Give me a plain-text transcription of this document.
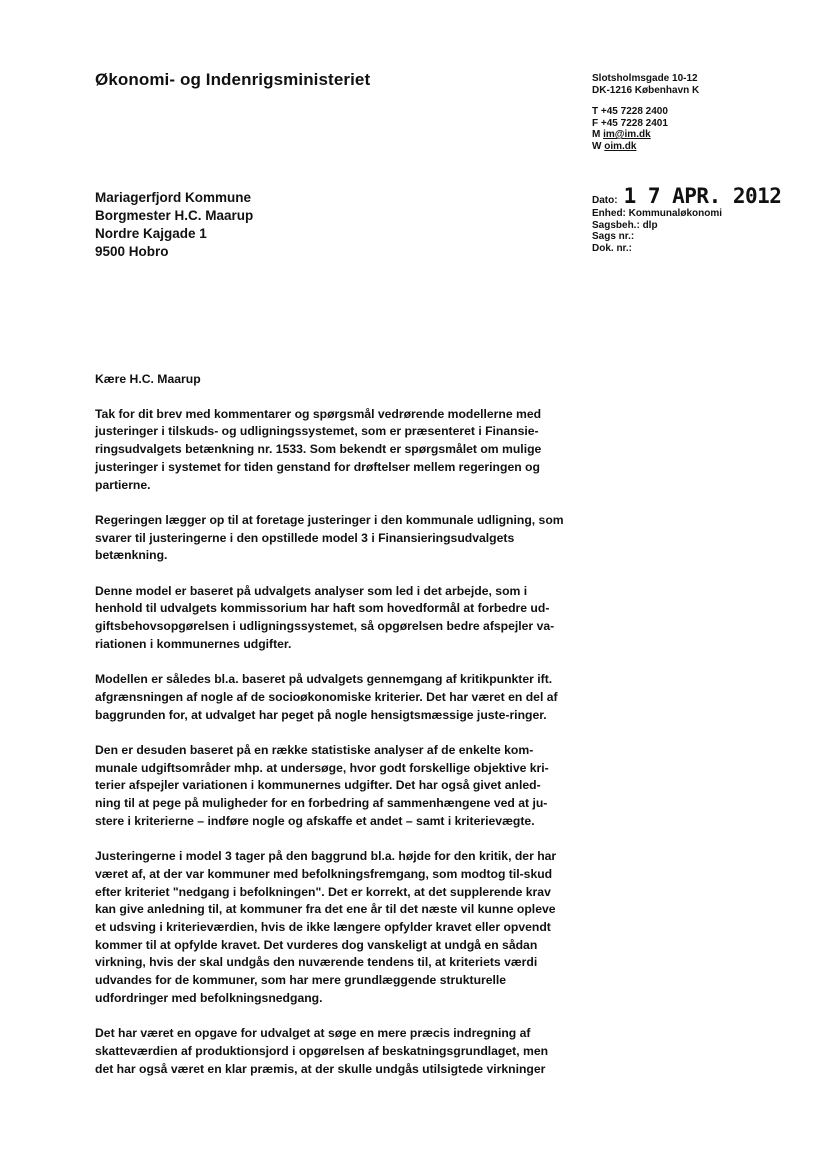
Økonomi- og Indenrigsministeriet	Slotsholmsgade 10-12
DK-1216 København K
T +45 7228 2400
F +45 7228 2401
M im@im.dk
W oim.dk
Mariagerfjord Kommune
Borgmester H.C. Maarup
Nordre Kajgade 1
9500 Hobro
Dato: 1 7 APR. 2012
Enhed: Kommunaløkonomi
Sagsbeh.: dlp
Sags nr.:
Dok. nr.:
Kære H.C. Maarup

Tak for dit brev med kommentarer og spørgsmål vedrørende modellerne med justeringer i tilskuds- og udligningssystemet, som er præsenteret i Finansie-ringsudvalgets betænkning nr. 1533. Som bekendt er spørgsmålet om mulige justeringer i systemet for tiden genstand for drøftelser mellem regeringen og partierne.

Regeringen lægger op til at foretage justeringer i den kommunale udligning, som svarer til justeringerne i den opstillede model 3 i Finansieringsudvalgets betænkning.

Denne model er baseret på udvalgets analyser som led i det arbejde, som i henhold til udvalgets kommissorium har haft som hovedformål at forbedre ud-giftsbehovsopgørelsen i udligningssystemet, så opgørelsen bedre afspejler va-riationen i kommunernes udgifter.

Modellen er således bl.a. baseret på udvalgets gennemgang af kritikpunkter ift. afgrænsningen af nogle af de socioøkonomiske kriterier. Det har været en del af baggrunden for, at udvalget har peget på nogle hensigtsmæssige juste-ringer.

Den er desuden baseret på en række statistiske analyser af de enkelte kom-munale udgiftsområder mhp. at undersøge, hvor godt forskellige objektive kri-terier afspejler variationen i kommunernes udgifter. Det har også givet anled-ning til at pege på muligheder for en forbedring af sammenhængene ved at ju-stere i kriterierne – indføre nogle og afskaffe et andet – samt i kriterievægte.

Justeringerne i model 3 tager på den baggrund bl.a. højde for den kritik, der har været af, at der var kommuner med befolkningsfremgang, som modtog til-skud efter kriteriet "nedgang i befolkningen". Det er korrekt, at det supplerende krav kan give anledning til, at kommuner fra det ene år til det næste vil kunne opleve et udsving i kriterieværdien, hvis de ikke længere opfylder kravet eller opvendt kommer til at opfylde kravet. Det vurderes dog vanskeligt at undgå en sådan virkning, hvis der skal undgås den nuværende tendens til, at kriteriets værdi udvandes for de kommuner, som har mere grundlæggende strukturelle udfordringer med befolkningsnedgang.

Det har været en opgave for udvalget at søge en mere præcis indregning af skatteværdien af produktionsjord i opgørelsen af beskatningsgrundlaget, men det har også været en klar præmis, at der skulle undgås utilsigtede virkninger
